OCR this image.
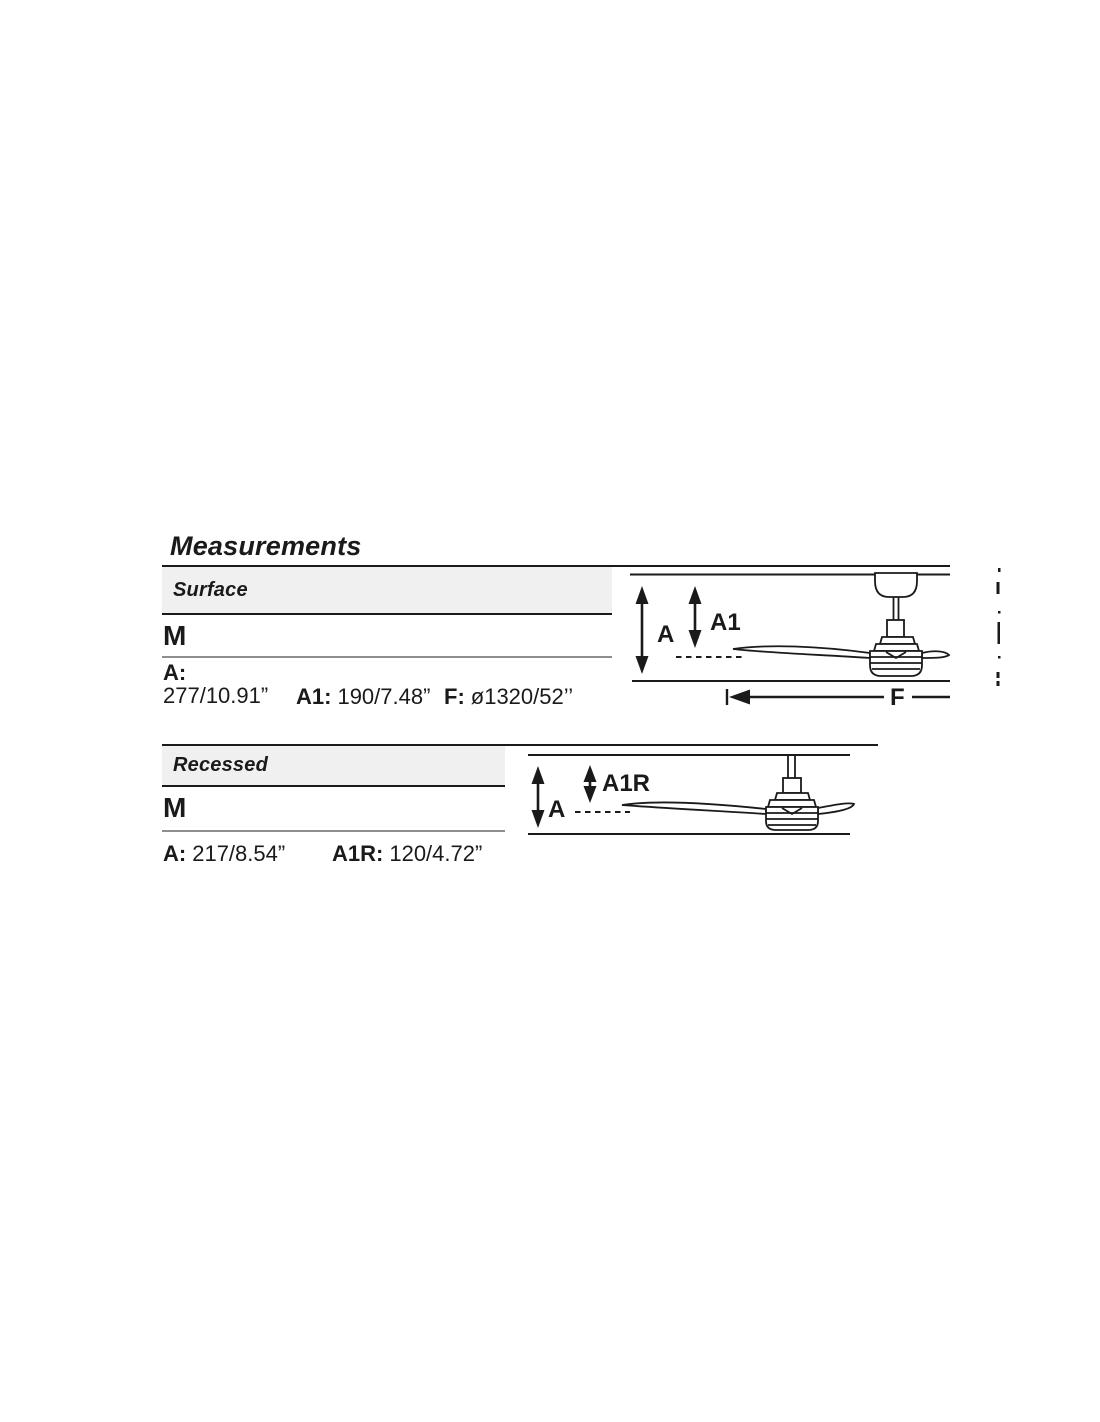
Measurements
Surface
M
A:
277/10.91” A1: 190/7.48” F: ø1320/52’’
A A1
F
Recessed
M
A: 217/8.54” A1R: 120/4.72”
A
A1R
